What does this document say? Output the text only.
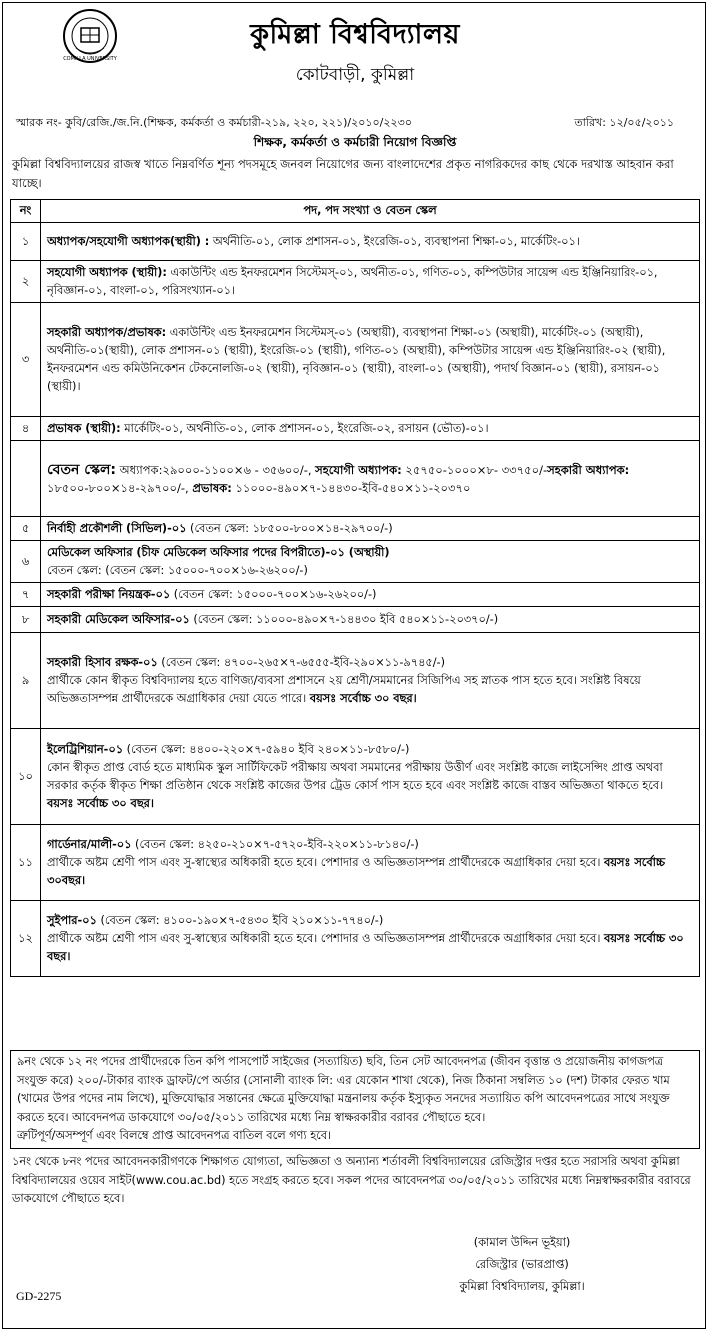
COMILLA UNIVERSITY
কুমিল্লা বিশ্ববিদ্যালয়
কোটবাড়ী, কুমিল্লা
স্মারক নং- কুবি/রেজি./জ.নি.(শিক্ষক, কর্মকর্তা ও কর্মচারী-২১৯, ২২০, ২২১)/২০১০/২২৩০	তারিখ: ১২/০৫/২০১১
শিক্ষক, কর্মকর্তা ও কর্মচারী নিয়োগ বিজ্ঞপ্তি
কুমিল্লা বিশ্ববিদ্যালয়ের রাজস্ব খাতে নিম্নবর্ণিত শূন্য পদসমূহে জনবল নিয়োগের জন্য বাংলাদেশের প্রকৃত নাগরিকদের কাছ থেকে দরখাস্ত আহবান করা যাচ্ছে।
নং	পদ, পদ সংখ্যা ও বেতন স্কেল
১	অধ্যাপক/সহযোগী অধ্যাপক(স্থায়ী) : অর্থনীতি-০১, লোক প্রশাসন-০১, ইংরেজি-০১, ব্যবস্থাপনা শিক্ষা-০১, মার্কেটিং-০১।
২	সহযোগী অধ্যাপক (স্থায়ী): একাউন্টিং এন্ড ইনফরমেশন সিস্টেমস্-০১, অর্থনীত-০১, গণিত-০১, কম্পিউটার সায়েন্স এন্ড ইঞ্জিনিয়ারিং-০১, নৃবিজ্ঞান-০১, বাংলা-০১, পরিসংখ্যান-০১।
৩	সহকারী অধ্যাপক/প্রভাষক: একাউন্টিং এন্ড ইনফরমেশন সিস্টেমস্-০১ (অস্থায়ী), ব্যবস্থাপনা শিক্ষা-০১ (অস্থায়ী), মার্কেটিং-০১ (অস্থায়ী), অর্থনীতি-০১(স্থায়ী), লোক প্রশাসন-০১ (স্থায়ী), ইংরেজি-০১ (স্থায়ী), গণিত-০১ (অস্থায়ী), কম্পিউটার সায়েন্স এন্ড ইঞ্জিনিয়ারিং-০২ (স্থায়ী), ইনফরমেশন এন্ড কমিউনিকেশন টেকনোলজি-০২ (স্থায়ী), নৃবিজ্ঞান-০১ (স্থায়ী), বাংলা-০১ (অস্থায়ী), পদার্থ বিজ্ঞান-০১ (স্থায়ী), রসায়ন-০১ (স্থায়ী)।
৪	প্রভাষক (স্থায়ী): মার্কেটিং-০১, অর্থনীতি-০১, লোক প্রশাসন-০১, ইংরেজি-০২, রসায়ন (ভৌত)-০১।
	বেতন স্কেল: অধ্যাপক:২৯০০০-১১০০×৬ - ৩৫৬০০/-, সহযোগী অধ্যাপক: ২৫৭৫০-১০০০×৮- ৩৩৭৫০/-সহকারী অধ্যাপক: ১৮৫০০-৮০০×১৪-২৯৭০০/-, প্রভাষক: ১১০০০-৪৯০×৭-১৪৪৩০-ইবি-৫৪০×১১-২০৩৭০
৫	নির্বাহী প্রকৌশলী (সিভিল)-০১ (বেতন স্কেল: ১৮৫০০-৮০০×১৪-২৯৭০০/-)
৬	মেডিকেল অফিসার (চীফ মেডিকেল অফিসার পদের বিপরীতে)-০১ (অস্থায়ী)
বেতন স্কেল: (বেতন স্কেল: ১৫০০০-৭০০×১৬-২৬২০০/-)

৭	সহকারী পরীক্ষা নিয়ন্ত্রক-০১ (বেতন স্কেল: ১৫০০০-৭০০×১৬-২৬২০০/-)
৮	সহকারী মেডিকেল অফিসার-০১ (বেতন স্কেল: ১১০০০-৪৯০×৭-১৪৪৩০ ইবি ৫৪০×১১-২০৩৭০/-)
৯	সহকারী হিসাব রক্ষক-০১ (বেতন স্কেল: ৪৭০০-২৬৫×৭-৬৫৫৫-ইবি-২৯০×১১-৯৭৪৫/-)
প্রার্থীকে কোন স্বীকৃত বিশ্ববিদ্যালয় হতে বাণিজ্য/ব্যবসা প্রশাসনে ২য় শ্রেণী/সমমানের সিজিপিএ সহ স্নাতক পাস হতে হবে। সংশ্লিষ্ট বিষয়ে অভিজ্ঞতাসম্পন্ন প্রার্থীদেরকে অগ্রাধিকার দেয়া যেতে পারে। বয়সঃ সর্বোচ্চ ৩০ বছর।
১০	ইলেট্রিশিয়ান-০১ (বেতন স্কেল: ৪৪০০-২২০×৭-৫৯৪০ ইবি ২৪০×১১-৮৫৮০/-)
কোন স্বীকৃত প্রাপ্ত বোর্ড হতে মাধ্যমিক স্কুল সার্টিফিকেট পরীক্ষায় অথবা সমমানের পরীক্ষায় উত্তীর্ণ এবং সংশ্লিষ্ট কাজে লাইসেন্সিং প্রাপ্ত অথবা সরকার কর্তৃক স্বীকৃত শিক্ষা প্রতিষ্ঠান থেকে সংশ্লিষ্ট কাজের উপর ট্রেড কোর্স পাস হতে হবে এবং সংশ্লিষ্ট কাজে বাস্তব অভিজ্ঞতা থাকতে হবে। বয়সঃ সর্বোচ্চ ৩০ বছর।
১১	গার্ডেনার/মালী-০১ (বেতন স্কেল: ৪২৫০-২১০×৭-৫৭২০-ইবি-২২০×১১-৮১৪০/-)
প্রার্থীকে অষ্টম শ্রেণী পাস এবং সু-স্বাস্থ্যের অধিকারী হতে হবে। পেশাদার ও অভিজ্ঞতাসম্পন্ন প্রার্থীদেরকে অগ্রাধিকার দেয়া হবে। বয়সঃ সর্বোচ্চ ৩০বছর।
১২	সুইপার-০১ (বেতন স্কেল: ৪১০০-১৯০×৭-৫৪৩০ ইবি ২১০×১১-৭৭৪০/-)
প্রার্থীকে অষ্টম শ্রেণী পাস এবং সু-স্বাস্থ্যের অধিকারী হতে হবে। পেশাদার ও অভিজ্ঞতাসম্পন্ন প্রার্থীদেরকে অগ্রাধিকার দেয়া হবে। বয়সঃ সর্বোচ্চ ৩০ বছর।
৯নং থেকে ১২ নং পদের প্রার্থীদেরকে তিন কপি পাসপোর্ট সাইজের (সত্যায়িত) ছবি, তিন সেট আবেদনপত্র (জীবন বৃত্তান্ত ও প্রয়োজনীয় কাগজপত্র সংযুক্ত করে) ২০০/-টাকার ব্যাংক ড্রাফট/পে অর্ডার (সোনালী ব্যাংক লি: এর যেকোন শাখা থেকে), নিজ ঠিকানা সম্বলিত ১০ (দশ) টাকার ফেরত খাম (খামের উপর পদের নাম লিখে), মুক্তিযোদ্ধার সন্তানের ক্ষেত্রে মুক্তিযোদ্ধা মন্ত্রনালয় কর্তৃক ইস্যুকৃত সনদের সত্যায়িত কপি আবেদনপত্রের সাথে সংযুক্ত করতে হবে। আবেদনপত্র ডাকযোগে ৩০/০৫/২০১১ তারিখের মধ্যে নিম্ন স্বাক্ষরকারীর বরাবর পৌছাতে হবে।
ত্রুটিপূর্ণ/অসম্পূর্ণ এবং বিলম্বে প্রাপ্ত আবেদনপত্র বাতিল বলে গণ্য হবে।
১নং থেকে ৮নং পদের আবেদনকারীগণকে শিক্ষাগত যোগ্যতা, অভিজ্ঞতা ও অন্যান্য শর্তাবলী বিশ্ববিদ্যালয়ের রেজিস্ট্রার দপ্তর হতে সরাসরি অথবা কুমিল্লা বিশ্ববিদ্যালয়ের ওয়েব সাইট(www.cou.ac.bd) হতে সংগ্রহ করতে হবে। সকল পদের আবেদনপত্র ৩০/০৫/২০১১ তারিখের মধ্যে নিম্নস্বাক্ষরকারীর বরাবরে ডাকযোগে পৌছাতে হবে।
(কামাল উদ্দিন ভূইয়া)
রেজিস্ট্রার (ভারপ্রাপ্ত)
কুমিল্লা বিশ্ববিদ্যালয়, কুমিল্লা।
GD-2275
